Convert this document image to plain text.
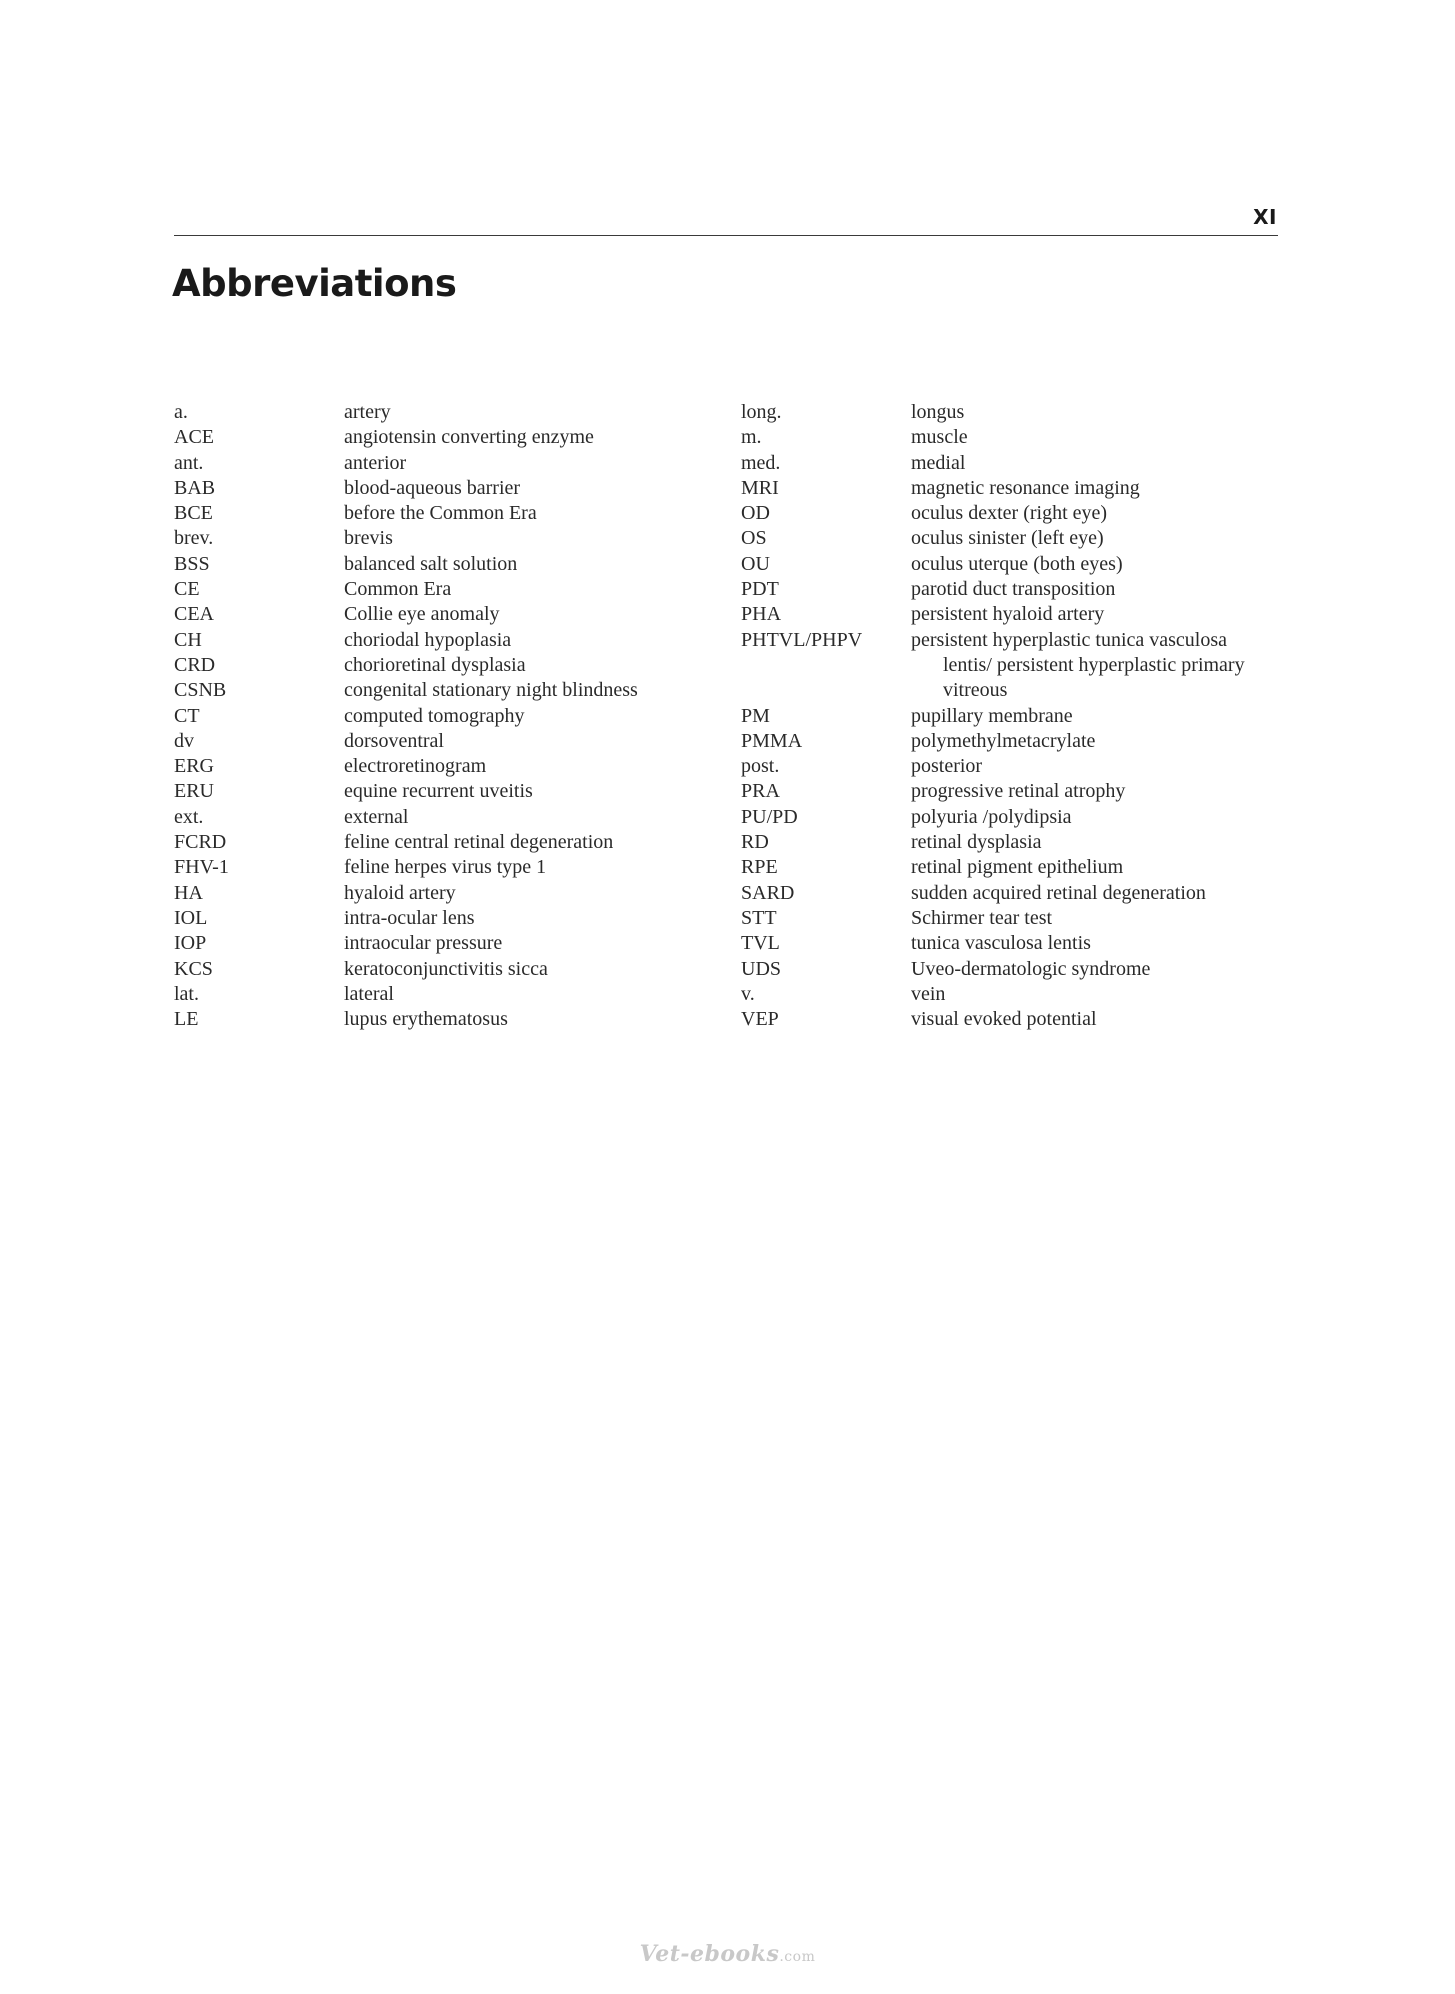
XI
Abbreviations
a.	artery
ACE	angiotensin converting enzyme
ant.	anterior
BAB	blood-aqueous barrier
BCE	before the Common Era
brev.	brevis
BSS	balanced salt solution
CE	Common Era
CEA	Collie eye anomaly
CH	choriodal hypoplasia
CRD	chorioretinal dysplasia
CSNB	congenital stationary night blindness
CT	computed tomography
dv	dorsoventral
ERG	electroretinogram
ERU	equine recurrent uveitis
ext.	external
FCRD	feline central retinal degeneration
FHV-1	feline herpes virus type 1
HA	hyaloid artery
IOL	intra-ocular lens
IOP	intraocular pressure
KCS	keratoconjunctivitis sicca
lat.	lateral
LE	lupus erythematosus
long.	longus
m.	muscle
med.	medial
MRI	magnetic resonance imaging
OD	oculus dexter (right eye)
OS	oculus sinister (left eye)
OU	oculus uterque (both eyes)
PDT	parotid duct transposition
PHA	persistent hyaloid artery
PHTVL/PHPV	persistent hyperplastic tunica vasculosa
lentis/ persistent hyperplastic primary
vitreous
PM	pupillary membrane
PMMA	polymethylmetacrylate
post.	posterior
PRA	progressive retinal atrophy
PU/PD	polyuria /polydipsia
RD	retinal dysplasia
RPE	retinal pigment epithelium
SARD	sudden acquired retinal degeneration
STT	Schirmer tear test
TVL	tunica vasculosa lentis
UDS	Uveo-dermatologic syndrome
v.	vein
VEP	visual evoked potential
Vet-ebooks.com
